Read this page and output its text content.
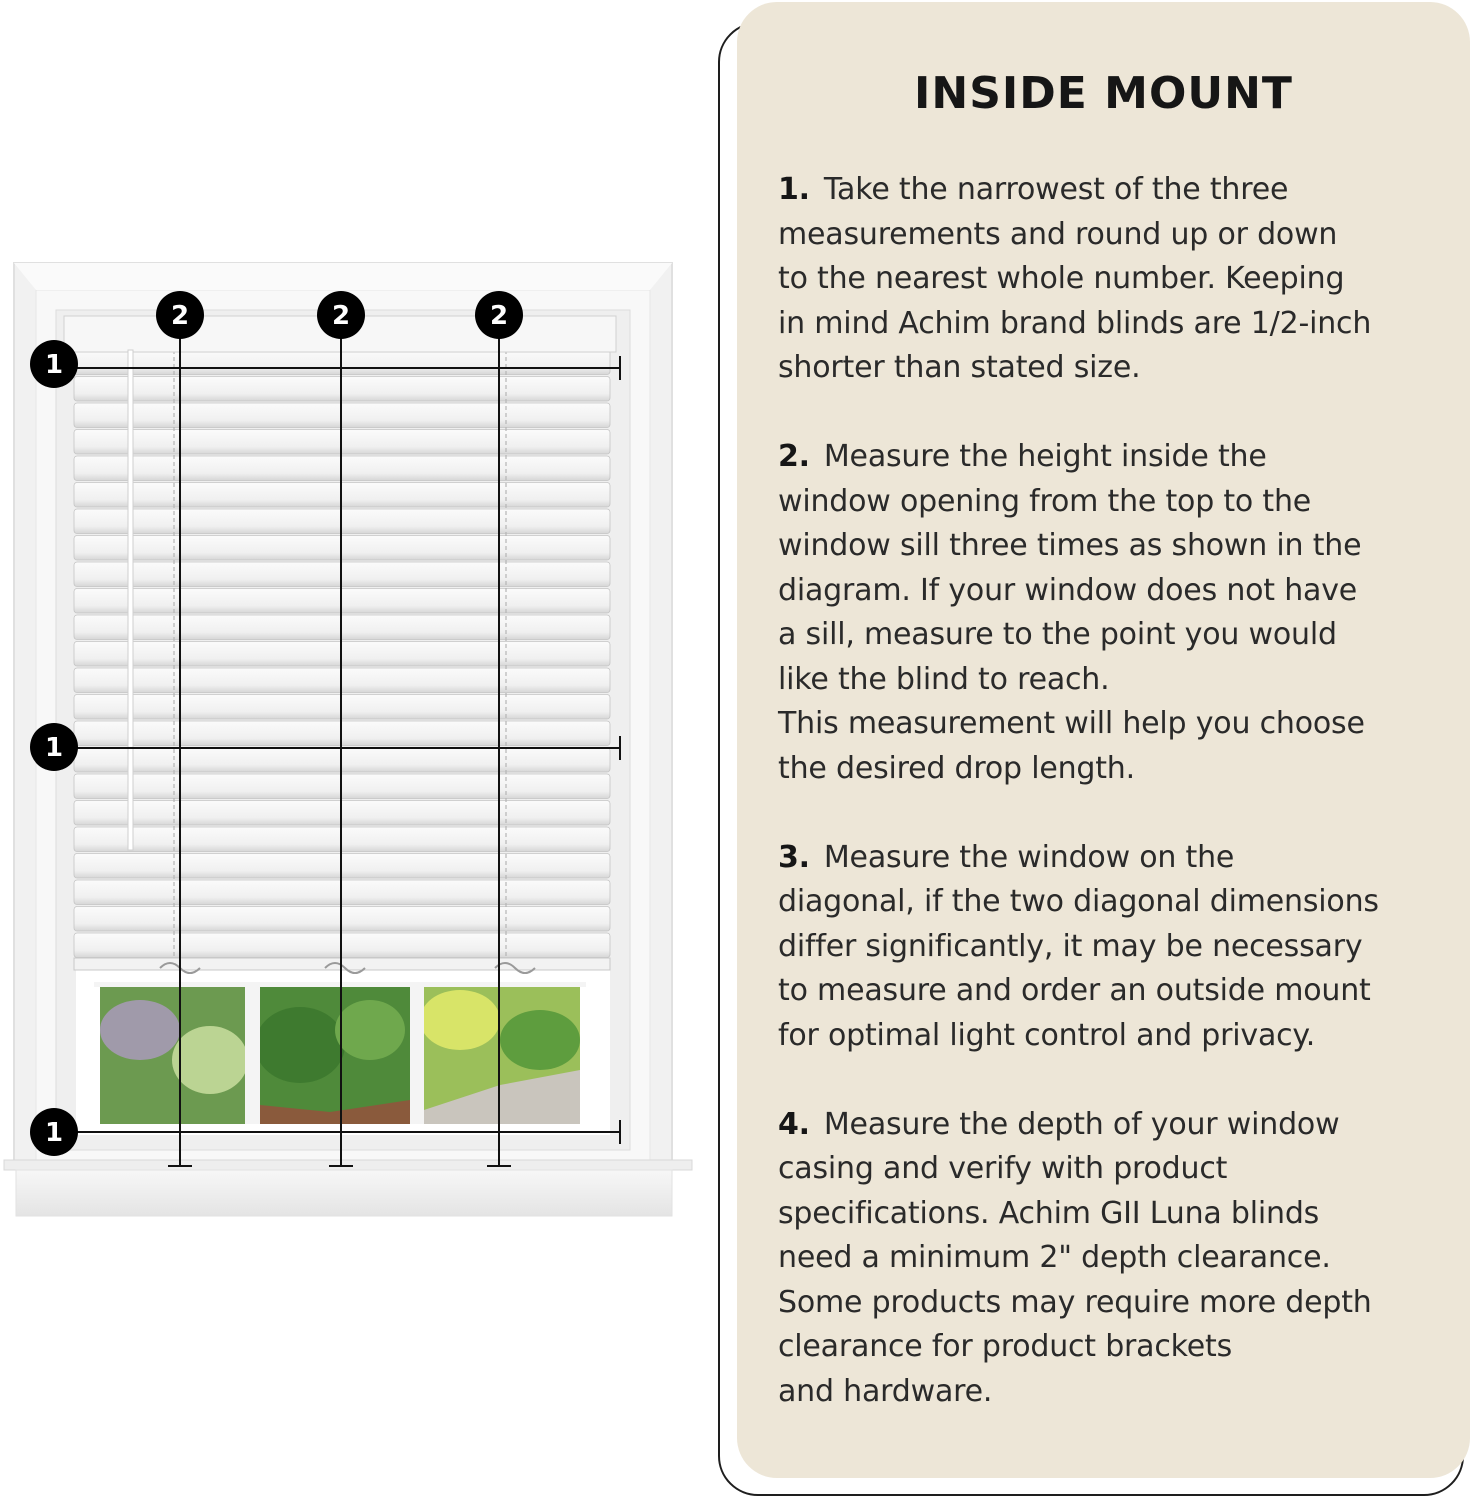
1
1
1
2	2	2
INSIDE MOUNT

1. Take the narrowest of the three
measurements and round up or down
to the nearest whole number. Keeping
in mind Achim brand blinds are 1/2-inch
shorter than stated size.

2. Measure the height inside the
window opening from the top to the
window sill three times as shown in the
diagram. If your window does not have
a sill, measure to the point you would
like the blind to reach.
This measurement will help you choose
the desired drop length.

3. Measure the window on the
diagonal, if the two diagonal dimensions
differ significantly, it may be necessary
to measure and order an outside mount
for optimal light control and privacy.

4. Measure the depth of your window
casing and verify with product
specifications. Achim GII Luna blinds
need a minimum 2" depth clearance.
Some products may require more depth
clearance for product brackets
and hardware.
